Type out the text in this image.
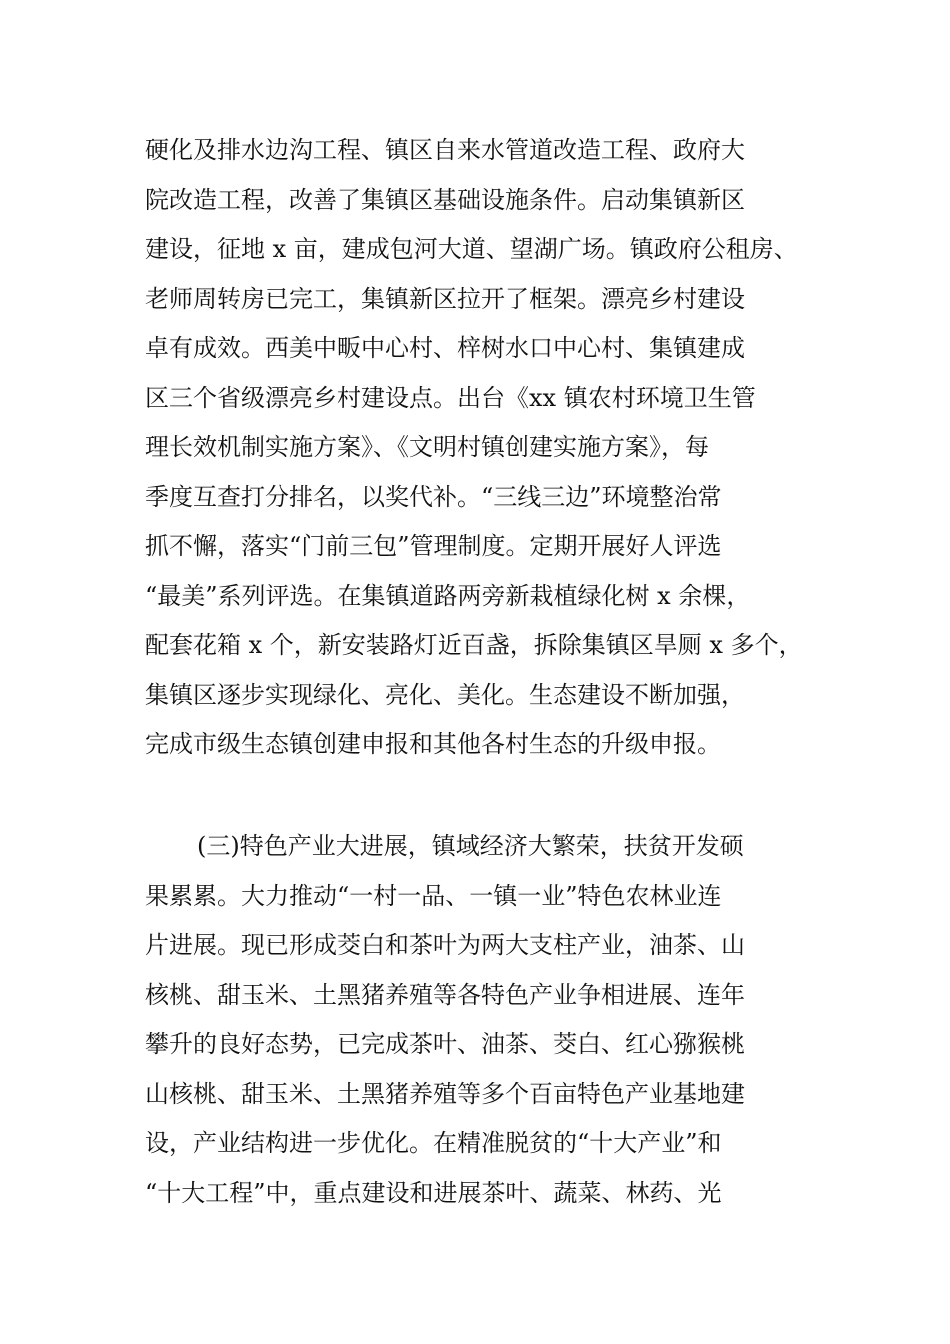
硬化及排水边沟工程、镇区自来水管道改造工程、政府大
院改造工程，改善了集镇区基础设施条件。启动集镇新区
建设，征地 x 亩，建成包河大道、望湖广场。镇政府公租房、
老师周转房已完工，集镇新区拉开了框架。漂亮乡村建设
卓有成效。西美中畈中心村、梓树水口中心村、集镇建成
区三个省级漂亮乡村建设点。出台《xx 镇农村环境卫生管
理长效机制实施方案》、《文明村镇创建实施方案》，每
季度互查打分排名，以奖代补。“三线三边”环境整治常
抓不懈，落实“门前三包”管理制度。定期开展好人评选
“最美”系列评选。在集镇道路两旁新栽植绿化树 x 余棵，
配套花箱 x 个，新安装路灯近百盏，拆除集镇区旱厕 x 多个，
集镇区逐步实现绿化、亮化、美化。生态建设不断加强，
完成市级生态镇创建申报和其他各村生态的升级申报。
(三)特色产业大进展，镇域经济大繁荣，扶贫开发硕
果累累。大力推动“一村一品、一镇一业”特色农林业连
片进展。现已形成茭白和茶叶为两大支柱产业，油茶、山
核桃、甜玉米、土黑猪养殖等各特色产业争相进展、连年
攀升的良好态势，已完成茶叶、油茶、茭白、红心猕猴桃
山核桃、甜玉米、土黑猪养殖等多个百亩特色产业基地建
设，产业结构进一步优化。在精准脱贫的“十大产业”和
“十大工程”中，重点建设和进展茶叶、蔬菜、林药、光
